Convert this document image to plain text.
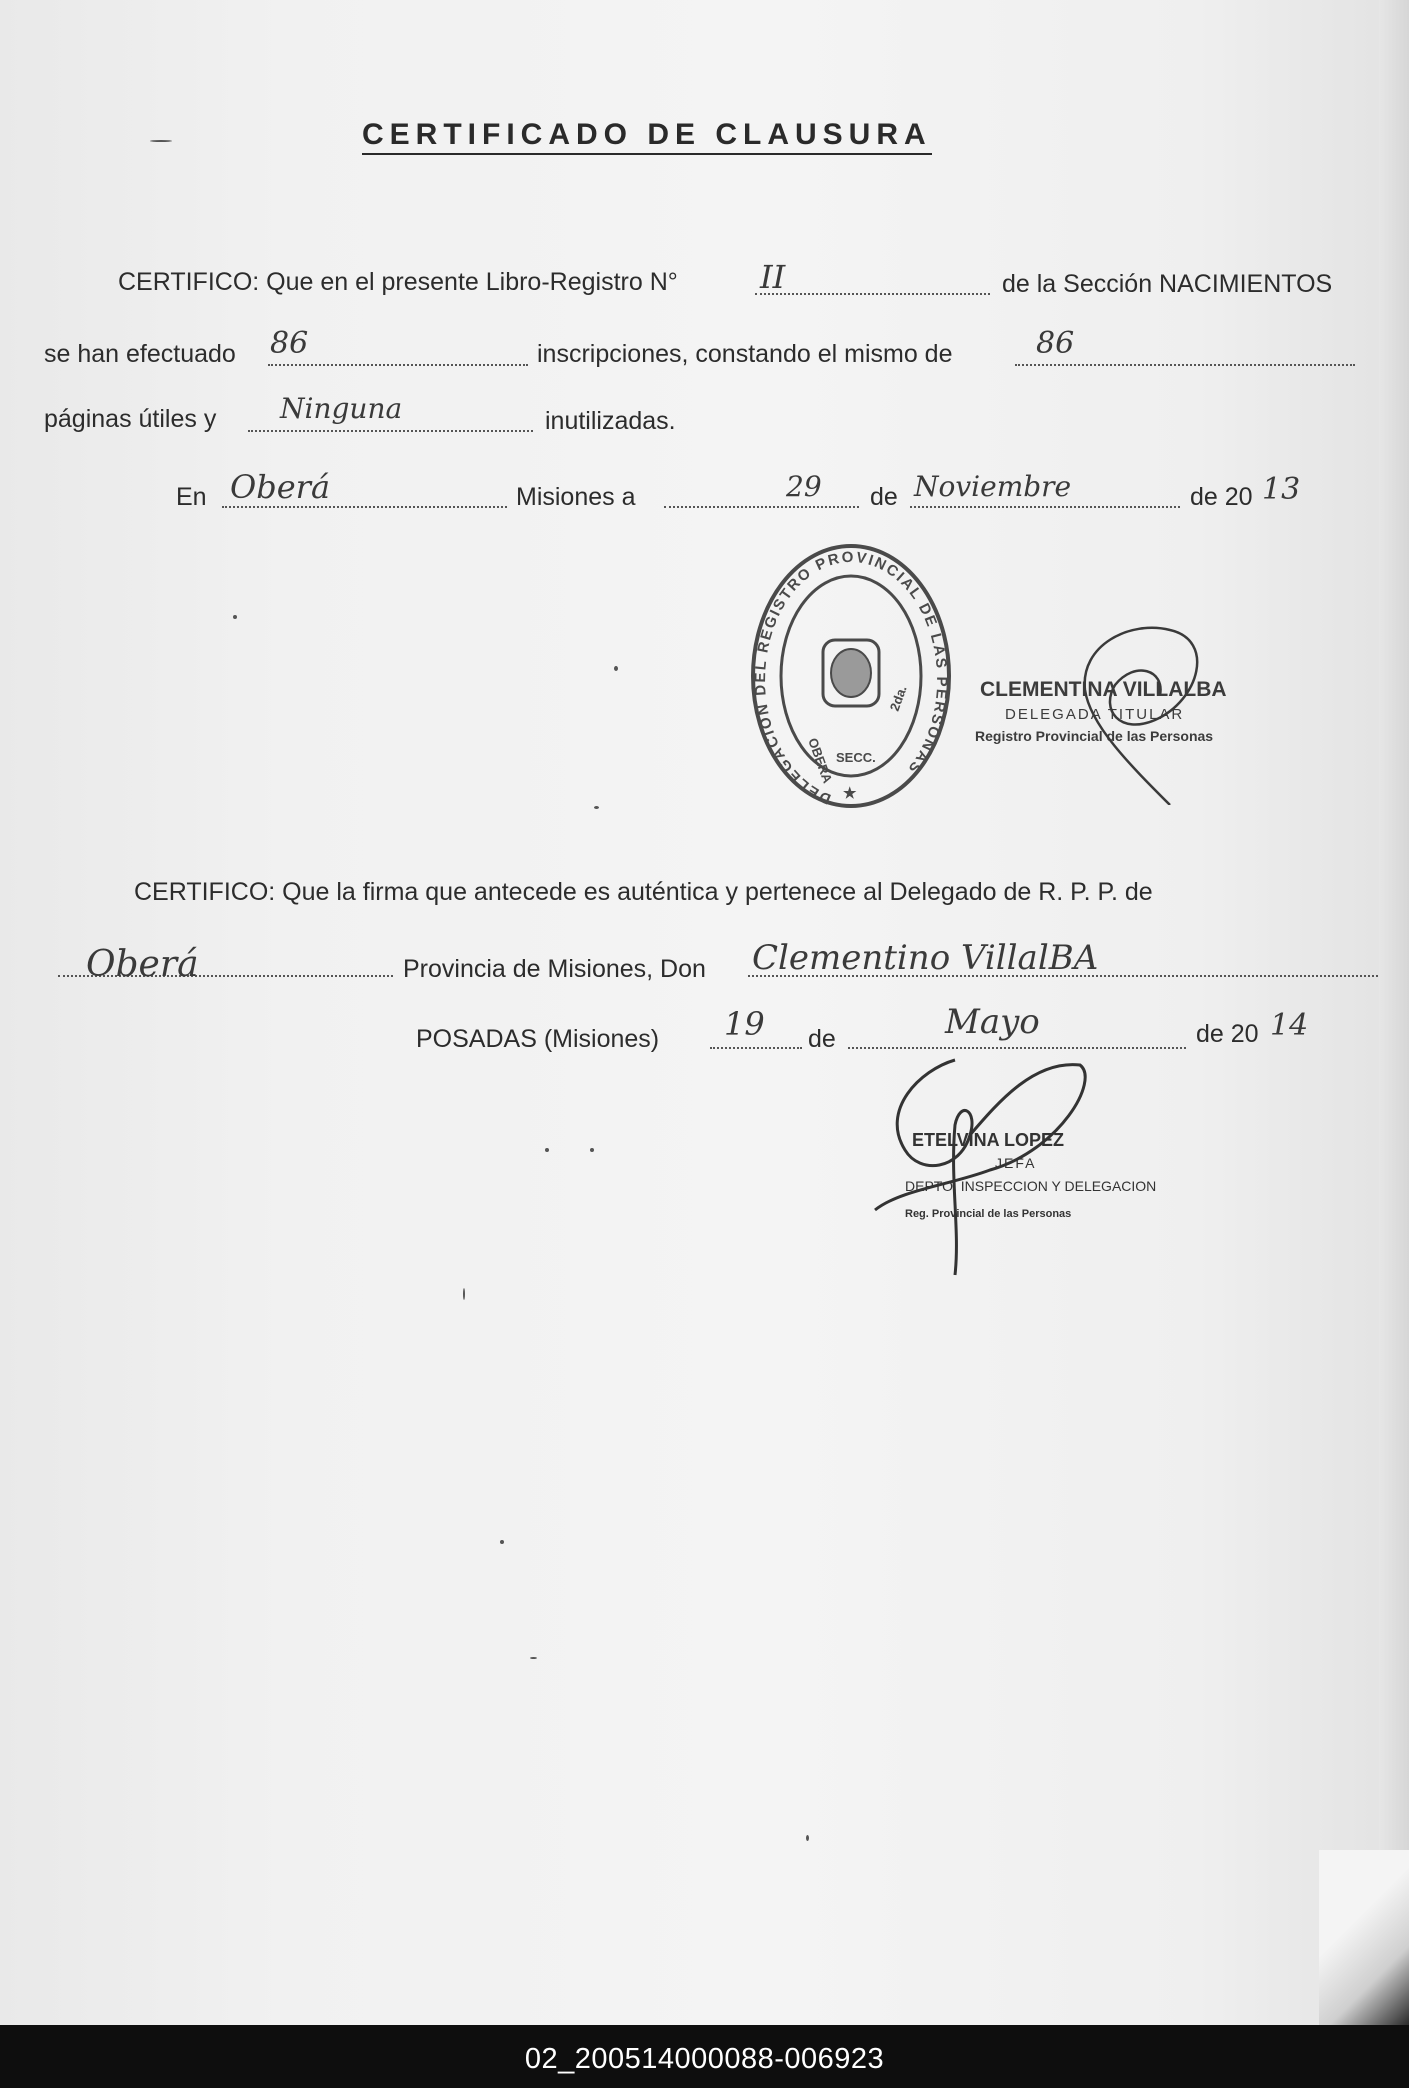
CERTIFICADO DE CLAUSURA
CERTIFICO: Que en el presente Libro-Registro N°	II	de la Sección NACIMIENTOS
se han efectuado 86	inscripciones, constando el mismo de	86
páginas útiles y Ninguna	inutilizadas.
En Oberá	Misiones a	29 de Noviembre	de 20 13
DELEGACION DEL REGISTRO PROVINCIAL DE LAS PERSONAS
OBERA
2da.
SECC.
★
CLEMENTINA VILLALBA
DELEGADA TITULAR
Registro Provincial de las Personas
CERTIFICO: Que la firma que antecede es auténtica y pertenece al Delegado de R. P. P. de
Oberá	Provincia de Misiones, Don Clementino VillalBA
POSADAS (Misiones) 19 de	Mayo	de 20 14
ETELVINA LOPEZ
JEFA
DEPTO. INSPECCION Y DELEGACION
Reg. Provincial de las Personas
02_200514000088-006923
